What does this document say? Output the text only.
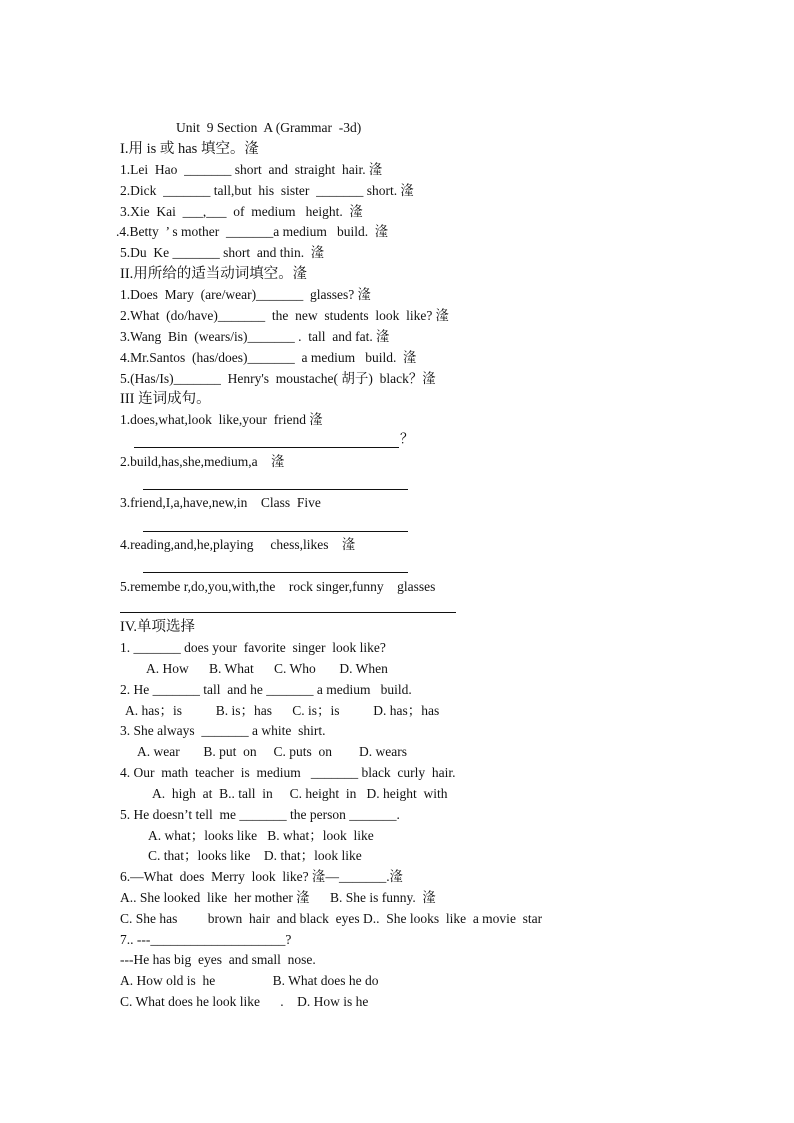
Unit  9 Section  A (Grammar  -3d)
I.用 is 或 has 填空。湰
1.Lei  Hao  _______ short  and  straight  hair. 湰
2.Dick  _______ tall,but  his  sister  _______ short. 湰
3.Xie  Kai  ___,___  of  medium   height.  湰
.4.Betty  ’ s mother  _______a medium   build.  湰
5.Du  Ke _______ short  and thin.  湰
II.用所给的适当动词填空。湰
1.Does  Mary  (are/wear)_______  glasses? 湰
2.What  (do/have)_______  the  new  students  look  like? 湰
3.Wang  Bin  (wears/is)_______ .  tall  and fat. 湰
4.Mr.Santos  (has/does)_______  a medium   build.  湰
5.(Has/Is)_______  Henry's  moustache( 胡子)  black？湰
III 连词成句。
1.does,what,look  like,your  friend 湰
？
2.build,has,she,medium,a    湰
3.friend,I,a,have,new,in    Class  Five
4.reading,and,he,playing     chess,likes    湰
5.remembe r,do,you,with,the    rock singer,funny    glasses
IV.单项选择
1. _______ does your  favorite  singer  look like?
A. How      B. What      C. Who       D. When
2. He _______ tall  and he _______ a medium   build.
A. has；is          B. is；has      C. is；is          D. has；has
3. She always  _______ a white  shirt.
A. wear       B. put  on     C. puts  on        D. wears
4. Our  math  teacher  is  medium   _______ black  curly  hair.
A.  high  at  B.. tall  in     C. height  in   D. height  with
5. He doesn’t tell  me _______ the person _______.
A. what；looks like   B. what；look  like
C. that；looks like    D. that；look like
6.—What  does  Merry  look  like? 湰—_______.湰
A.. She looked  like  her mother 湰      B. She is funny.  湰
C. She has         brown  hair  and black  eyes D..  She looks  like  a movie  star
7.. ---____________________?
---He has big  eyes  and small  nose.
A. How old is  he                 B. What does he do
C. What does he look like      .    D. How is he
